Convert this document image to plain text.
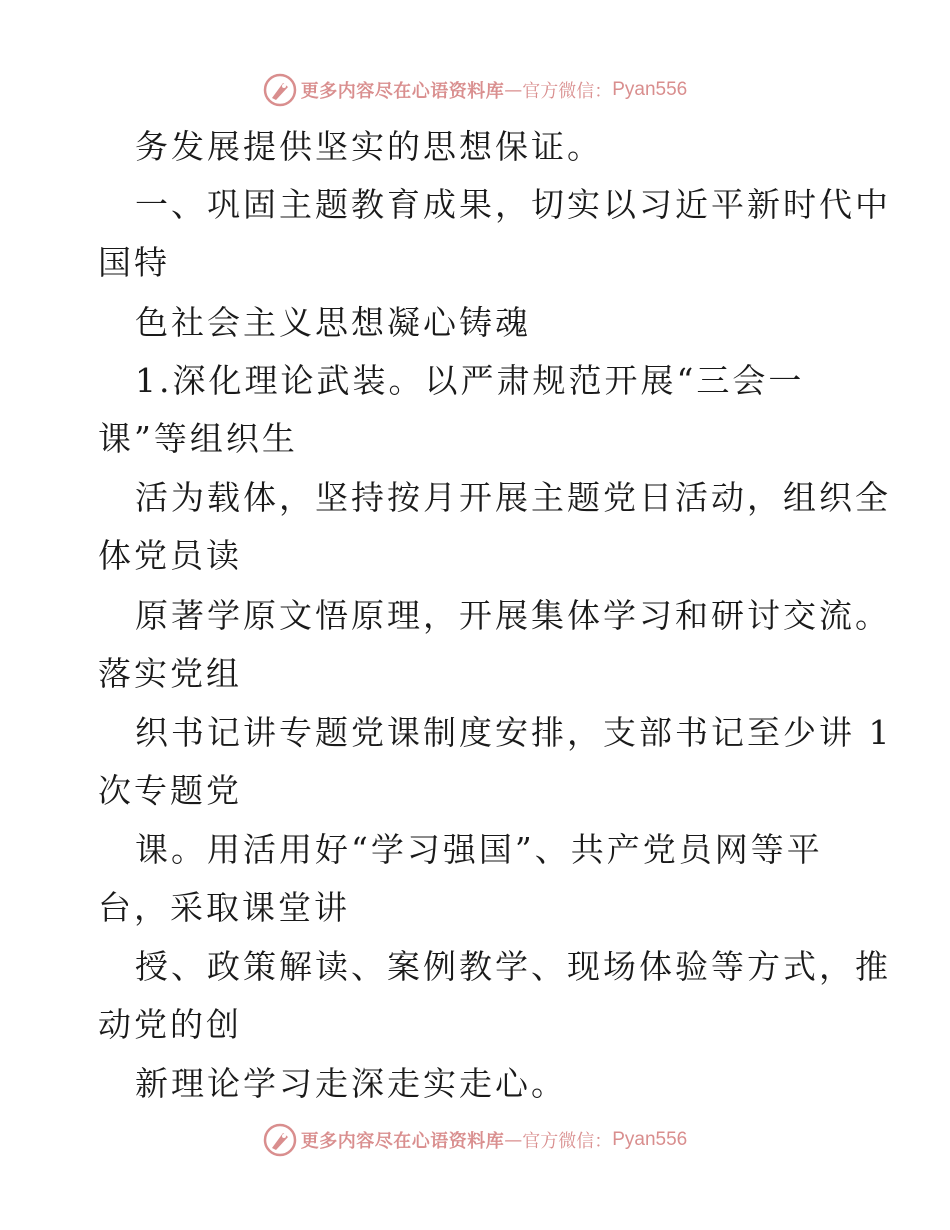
更多内容尽在心语资料库 — 官方微信： Pyan556
务发展提供坚实的思想保证。
一、巩固主题教育成果，切实以习近平新时代中
国特
色社会主义思想凝心铸魂
1.深化理论武装。以严肃规范开展“三会一
课”等组织生
活为载体，坚持按月开展主题党日活动，组织全
体党员读
原著学原文悟原理，开展集体学习和研讨交流。
落实党组
织书记讲专题党课制度安排，支部书记至少讲 1
次专题党
课。用活用好“学习强国”、共产党员网等平
台，采取课堂讲
授、政策解读、案例教学、现场体验等方式，推
动党的创
新理论学习走深走实走心。
更多内容尽在心语资料库 — 官方微信： Pyan556
